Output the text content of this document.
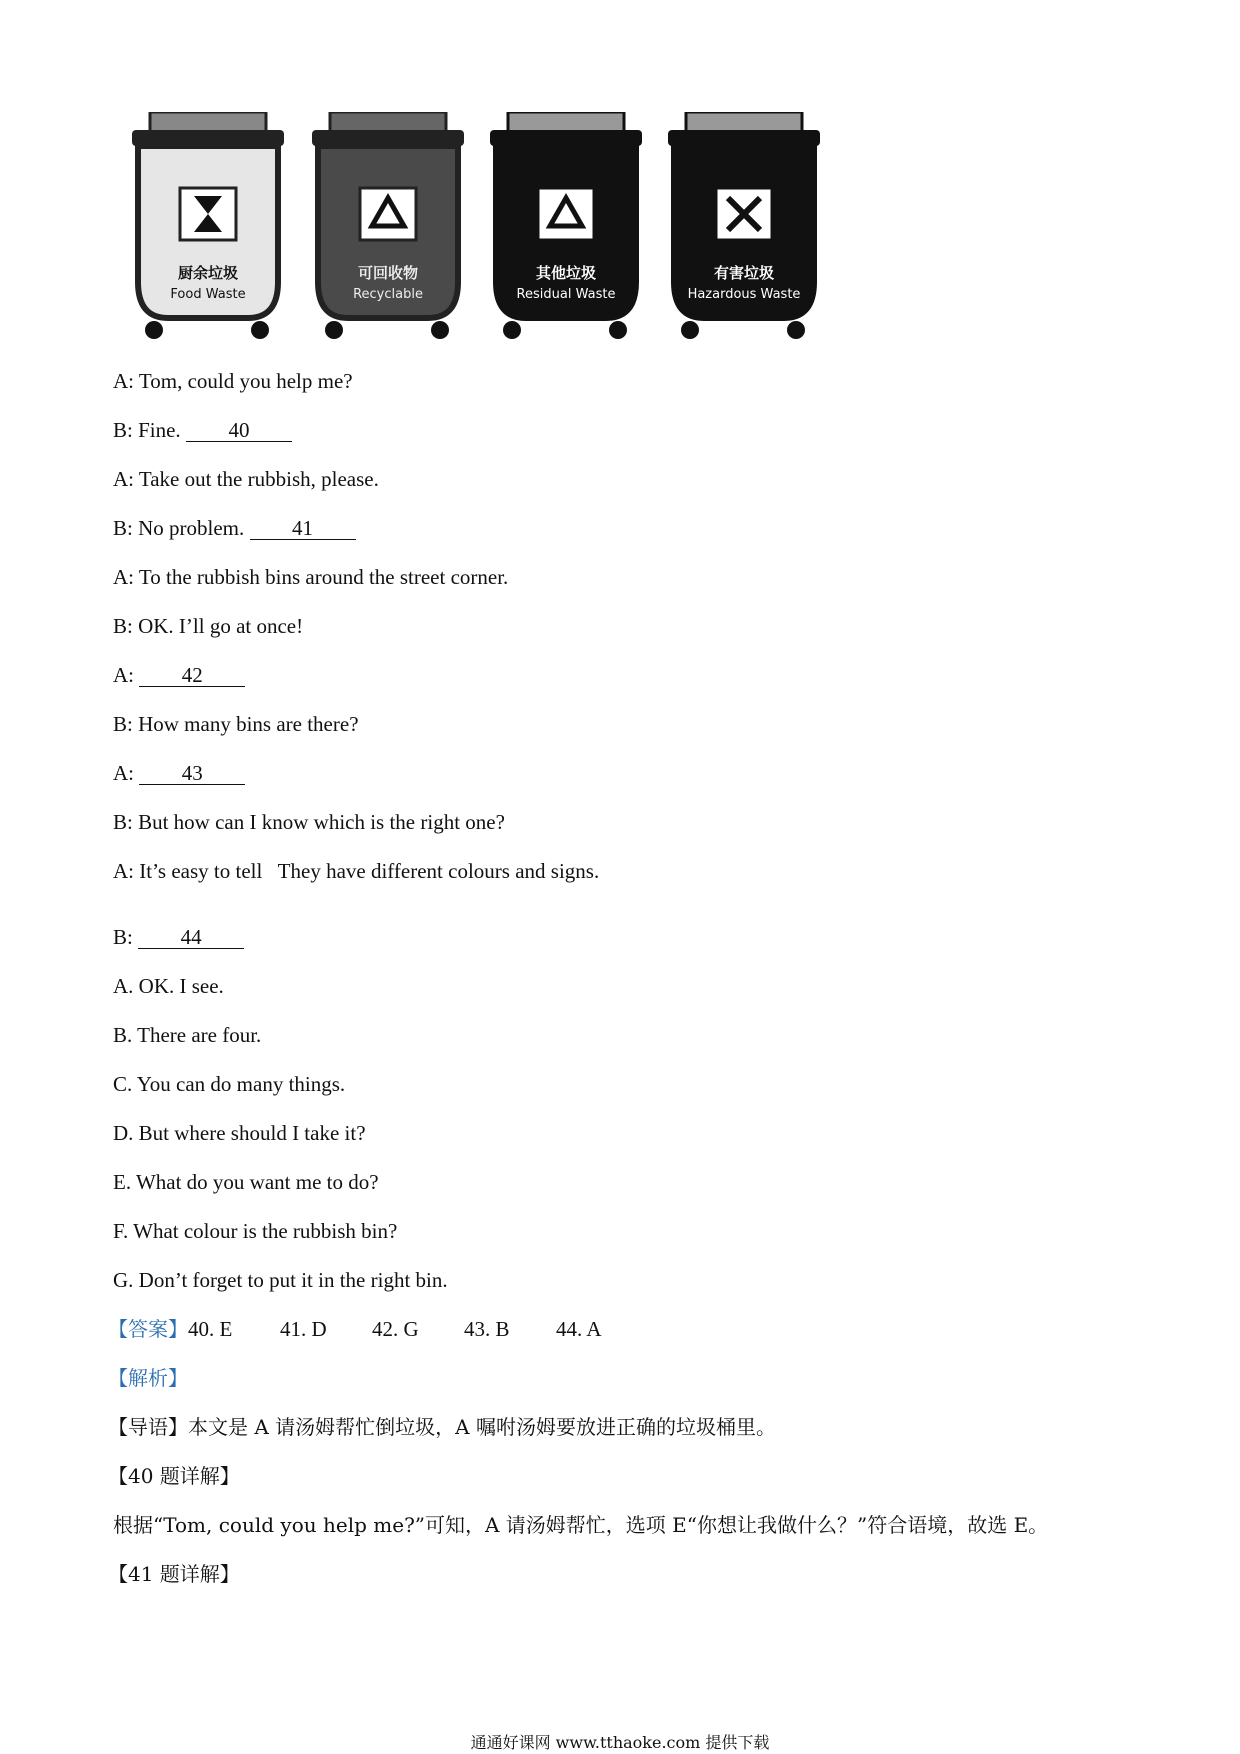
厨余垃圾
Food Waste
可回收物
Recyclable
其他垃圾
Residual Waste
有害垃圾
Hazardous Waste
A: Tom, could you help me?
B: Fine. 40
A: Take out the rubbish, please.
B: No problem. 41
A: To the rubbish bins around the street corner.
B: OK. I’ll go at once!
A: 42
B: How many bins are there?
A: 43
B: But how can I know which is the right one?
A: It’s easy to tell   They have different colours and signs.
B: 44
A. OK. I see.
B. There are four.
C. You can do many things.
D. But where should I take it?
E. What do you want me to do?
F. What colour is the rubbish bin?
G. Don’t forget to put it in the right bin.
【答案】40. E 41. D 42. G 43. B 44. A
【解析】
【导语】本文是 A 请汤姆帮忙倒垃圾，A 嘱咐汤姆要放进正确的垃圾桶里。
【40 题详解】
根据“Tom, could you help me?”可知，A 请汤姆帮忙，选项 E“你想让我做什么？”符合语境，故选 E。
【41 题详解】
通通好课网 www.tthaoke.com 提供下载
